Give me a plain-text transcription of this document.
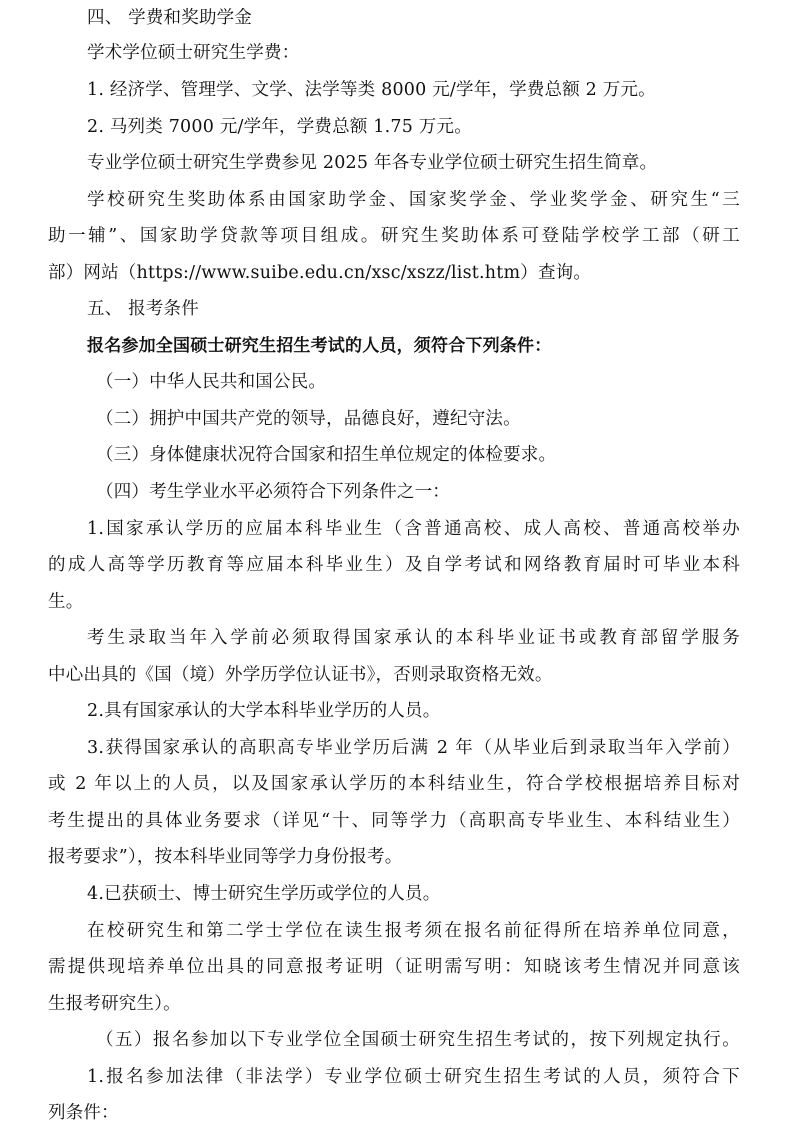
四、 学费和奖助学金
学术学位硕士研究生学费：
1. 经济学、管理学、文学、法学等类 8000 元/学年，学费总额 2 万元。
2. 马列类 7000 元/学年，学费总额 1.75 万元。
专业学位硕士研究生学费参见 2025 年各专业学位硕士研究生招生简章。
学校研究生奖助体系由国家助学金、国家奖学金、学业奖学金、研究生“三
助一辅”、国家助学贷款等项目组成。研究生奖助体系可登陆学校学工部（研工
部）网站（https://www.suibe.edu.cn/xsc/xszz/list.htm）查询。
五、 报考条件
报名参加全国硕士研究生招生考试的人员，须符合下列条件：
（一）中华人民共和国公民。
（二）拥护中国共产党的领导，品德良好，遵纪守法。
（三）身体健康状况符合国家和招生单位规定的体检要求。
（四）考生学业水平必须符合下列条件之一：
1.国家承认学历的应届本科毕业生（含普通高校、成人高校、普通高校举办
的成人高等学历教育等应届本科毕业生）及自学考试和网络教育届时可毕业本科
生。
考生录取当年入学前必须取得国家承认的本科毕业证书或教育部留学服务
中心出具的《国（境）外学历学位认证书》，否则录取资格无效。
2.具有国家承认的大学本科毕业学历的人员。
3.获得国家承认的高职高专毕业学历后满 2 年（从毕业后到录取当年入学前）
或 2 年以上的人员，以及国家承认学历的本科结业生，符合学校根据培养目标对
考生提出的具体业务要求（详见“十、同等学力（高职高专毕业生、本科结业生）
报考要求”），按本科毕业同等学力身份报考。
4.已获硕士、博士研究生学历或学位的人员。
在校研究生和第二学士学位在读生报考须在报名前征得所在培养单位同意，
需提供现培养单位出具的同意报考证明（证明需写明：知晓该考生情况并同意该
生报考研究生）。
（五）报名参加以下专业学位全国硕士研究生招生考试的，按下列规定执行。
1.报名参加法律（非法学）专业学位硕士研究生招生考试的人员，须符合下
列条件：
